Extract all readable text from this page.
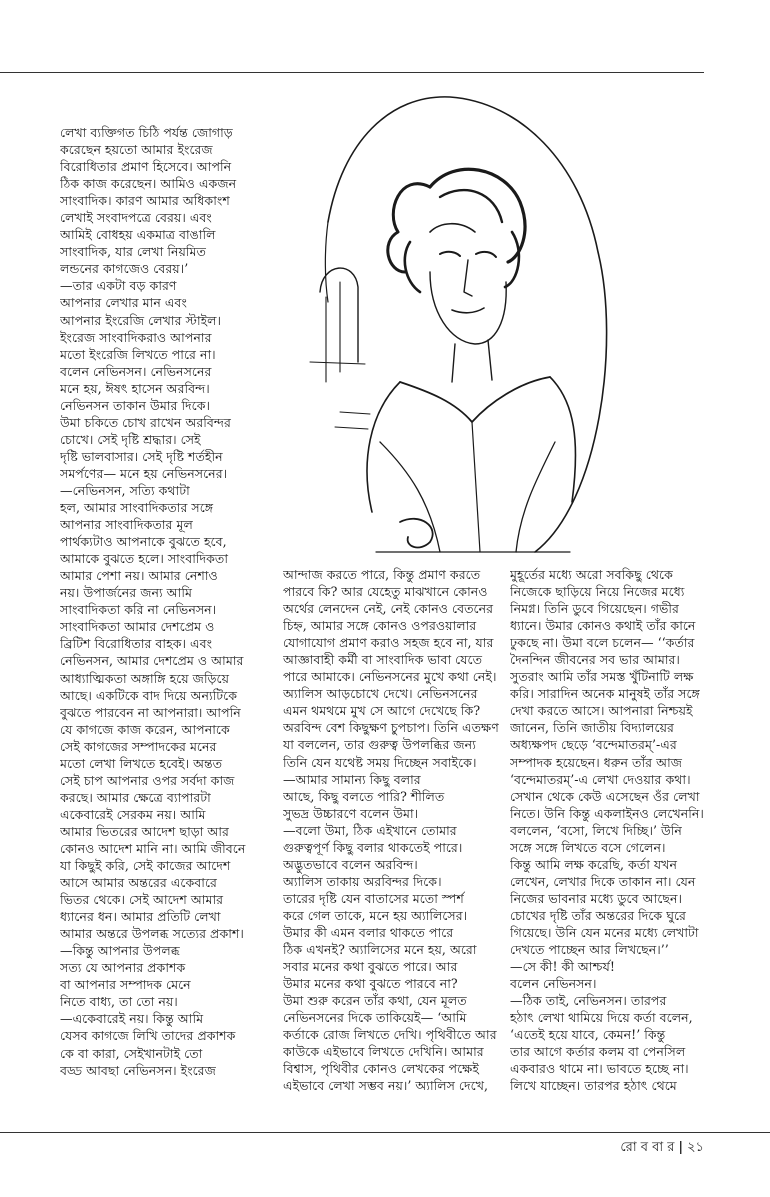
লেখা ব্যক্তিগত চিঠি পর্যন্ত জোগাড়
করেছেন হয়তো আমার ইংরেজ
বিরোধিতার প্রমাণ হিসেবে। আপনি
ঠিক কাজ করেছেন। আমিও একজন
সাংবাদিক। কারণ আমার অধিকাংশ
লেখাই সংবাদপত্রে বেরয়। এবং
আমিই বোধহয় একমাত্র বাঙালি
সাংবাদিক, যার লেখা নিয়মিত
লন্ডনের কাগজেও বেরয়।’
—তার একটা বড় কারণ
আপনার লেখার মান এবং
আপনার ইংরেজি লেখার স্টাইল।
ইংরেজ সাংবাদিকরাও আপনার
মতো ইংরেজি লিখতে পারে না।
বলেন নেভিনসন। নেভিনসনের
মনে হয়, ঈষৎ হাসেন অরবিন্দ।
নেভিনসন তাকান উমার দিকে।
উমা চকিতে চোখ রাখেন অরবিন্দর
চোখে। সেই দৃষ্টি শ্রদ্ধার। সেই
দৃষ্টি ভালবাসার। সেই দৃষ্টি শর্তহীন
সমর্পণের— মনে হয় নেভিনসনের।
—নেভিনসন, সত্যি কথাটা
হল, আমার সাংবাদিকতার সঙ্গে
আপনার সাংবাদিকতার মূল
পার্থক্যটাও আপনাকে বুঝতে হবে,
আমাকে বুঝতে হলে। সাংবাদিকতা
আমার পেশা নয়। আমার নেশাও
নয়। উপার্জনের জন্য আমি
সাংবাদিকতা করি না নেভিনসন।
সাংবাদিকতা আমার দেশপ্রেম ও
ব্রিটিশ বিরোধিতার বাহক। এবং
নেভিনসন, আমার দেশপ্রেম ও আমার
আধ্যাত্মিকতা অঙ্গাঙ্গি হয়ে জড়িয়ে
আছে। একটিকে বাদ দিয়ে অন্যটিকে
বুঝতে পারবেন না আপনারা। আপনি
যে কাগজে কাজ করেন, আপনাকে
সেই কাগজের সম্পাদকের মনের
মতো লেখা লিখতে হবেই। অন্তত
সেই চাপ আপনার ওপর সর্বদা কাজ
করছে। আমার ক্ষেত্রে ব্যাপারটা
একেবারেই সেরকম নয়। আমি
আমার ভিতরের আদেশ ছাড়া আর
কোনও আদেশ মানি না। আমি জীবনে
যা কিছুই করি, সেই কাজের আদেশ
আসে আমার অন্তরের একেবারে
ভিতর থেকে। সেই আদেশ আমার
ধ্যানের ধন। আমার প্রতিটি লেখা
আমার অন্তরে উপলব্ধ সত্যের প্রকাশ।
—কিন্তু আপনার উপলব্ধ
সত্য যে আপনার প্রকাশক
বা আপনার সম্পাদক মেনে
নিতে বাধ্য, তা তো নয়।
—একেবারেই নয়। কিন্তু আমি
যেসব কাগজে লিখি তাদের প্রকাশক
কে বা কারা, সেইখানটাই তো
বড্ড আবছা নেভিনসন। ইংরেজ
আন্দাজ করতে পারে, কিন্তু প্রমাণ করতে
পারবে কি? আর যেহেতু মাঝখানে কোনও
অর্থের লেনদেন নেই, নেই কোনও বেতনের
চিহ্ন, আমার সঙ্গে কোনও ওপরওয়ালার
যোগাযোগ প্রমাণ করাও সহজ হবে না, যার
আজ্ঞাবাহী কর্মী বা সাংবাদিক ভাবা যেতে
পারে আমাকে। নেভিনসনের মুখে কথা নেই।
অ্যালিস আড়চোখে দেখে। নেভিনসনের
এমন থমথমে মুখ সে আগে দেখেছে কি?
অরবিন্দ বেশ কিছুক্ষণ চুপচাপ। তিনি এতক্ষণ
যা বললেন, তার গুরুত্ব উপলব্ধির জন্য
তিনি যেন যথেষ্ট সময় দিচ্ছেন সবাইকে।
—আমার সামান্য কিছু বলার
আছে, কিছু বলতে পারি? শীলিত
সুভদ্র উচ্চারণে বলেন উমা।
—বলো উমা, ঠিক এইখানে তোমার
গুরুত্বপূর্ণ কিছু বলার থাকতেই পারে।
অদ্ভুতভাবে বলেন অরবিন্দ।
অ্যালিস তাকায় অরবিন্দর দিকে।
তারের দৃষ্টি যেন বাতাসের মতো স্পর্শ
করে গেল তাকে, মনে হয় অ্যালিসের।
উমার কী এমন বলার থাকতে পারে
ঠিক এখনই? অ্যালিসের মনে হয়, অরো
সবার মনের কথা বুঝতে পারে। আর
উমার মনের কথা বুঝতে পারবে না?
উমা শুরু করেন তাঁর কথা, যেন মূলত
নেভিনসনের দিকে তাকিয়েই— ‘আমি
কর্তাকে রোজ লিখতে দেখি। পৃথিবীতে আর
কাউকে এইভাবে লিখতে দেখিনি। আমার
বিশ্বাস, পৃথিবীর কোনও লেখকের পক্ষেই
এইভাবে লেখা সম্ভব নয়।’ অ্যালিস দেখে,
মুহূর্তের মধ্যে অরো সবকিছু থেকে
নিজেকে ছাড়িয়ে নিয়ে নিজের মধ্যে
নিমগ্ন। তিনি ডুবে গিয়েছেন। গভীর
ধ্যানে। উমার কোনও কথাই তাঁর কানে
ঢুকছে না। উমা বলে চলেন— ‘‘কর্তার
দৈনন্দিন জীবনের সব ভার আমার।
সুতরাং আমি তাঁর সমস্ত খুঁটিনাটি লক্ষ
করি। সারাদিন অনেক মানুষই তাঁর সঙ্গে
দেখা করতে আসে। আপনারা নিশ্চয়ই
জানেন, তিনি জাতীয় বিদ্যালয়ের
অধ্যক্ষপদ ছেড়ে ‘বন্দেমাতরম্’-এর
সম্পাদক হয়েছেন। ধরুন তাঁর আজ
‘বন্দেমাতরম্’-এ লেখা দেওয়ার কথা।
সেখান থেকে কেউ এসেছেন ওঁর লেখা
নিতে। উনি কিন্তু একলাইনও লেখেননি।
বললেন, ‘বসো, লিখে দিচ্ছি।’ উনি
সঙ্গে সঙ্গে লিখতে বসে গেলেন।
কিন্তু আমি লক্ষ করেছি, কর্তা যখন
লেখেন, লেখার দিকে তাকান না। যেন
নিজের ভাবনার মধ্যে ডুবে আছেন।
চোখের দৃষ্টি তাঁর অন্তরের দিকে ঘুরে
গিয়েছে। উনি যেন মনের মধ্যে লেখাটা
দেখতে পাচ্ছেন আর লিখছেন।’’
—সে কী! কী আশ্চর্য!
বলেন নেভিনসন।
—ঠিক তাই, নেভিনসন। তারপর
হঠাৎ লেখা থামিয়ে দিয়ে কর্তা বলেন,
‘এতেই হয়ে যাবে, কেমন!’ কিন্তু
তার আগে কর্তার কলম বা পেনসিল
একবারও থামে না। ভাবতে হচ্ছে না।
লিখে যাচ্ছেন। তারপর হঠাৎ থেমে
রো ব বা র | ২১
